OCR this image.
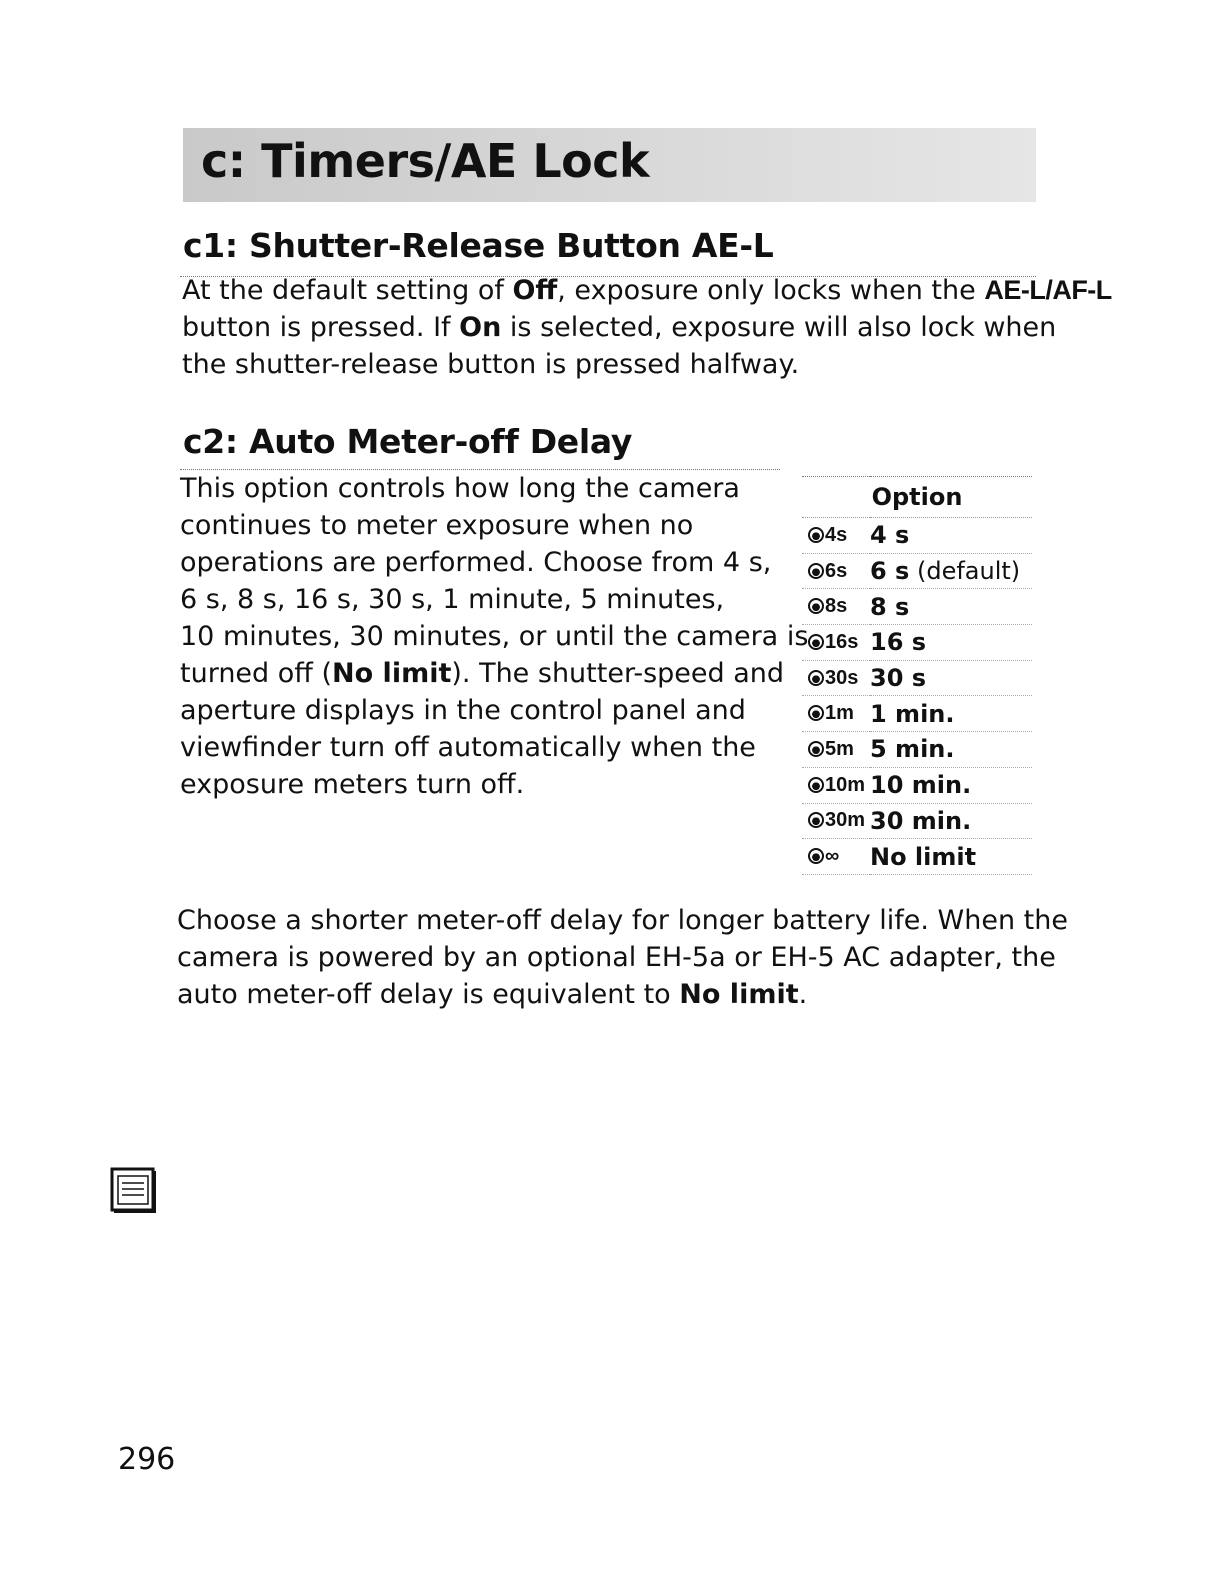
c: Timers/AE Lock
c1: Shutter-Release Button AE-L

At the default setting of Off, exposure only locks when the AE-L/AF-L

button is pressed. If On is selected, exposure will also lock when

the shutter-release button is pressed halfway.

c2: Auto Meter-off Delay

This option controls how long the camera

continues to meter exposure when no

operations are performed. Choose from 4 s,

6 s, 8 s, 16 s, 30 s, 1 minute, 5 minutes,

10 minutes, 30 minutes, or until the camera is

turned off (No limit). The shutter-speed and

aperture displays in the control panel and

viewfinder turn off automatically when the

exposure meters turn off.

Option	
4s	4 s
6s	6 s (default)
8s	8 s
16s	16 s
30s	30 s
1m	1 min.
5m	5 min.
10m	10 min.
30m	30 min.
∞	No limit

Choose a shorter meter-off delay for longer battery life. When the

camera is powered by an optional EH-5a or EH-5 AC adapter, the

auto meter-off delay is equivalent to No limit.

296
